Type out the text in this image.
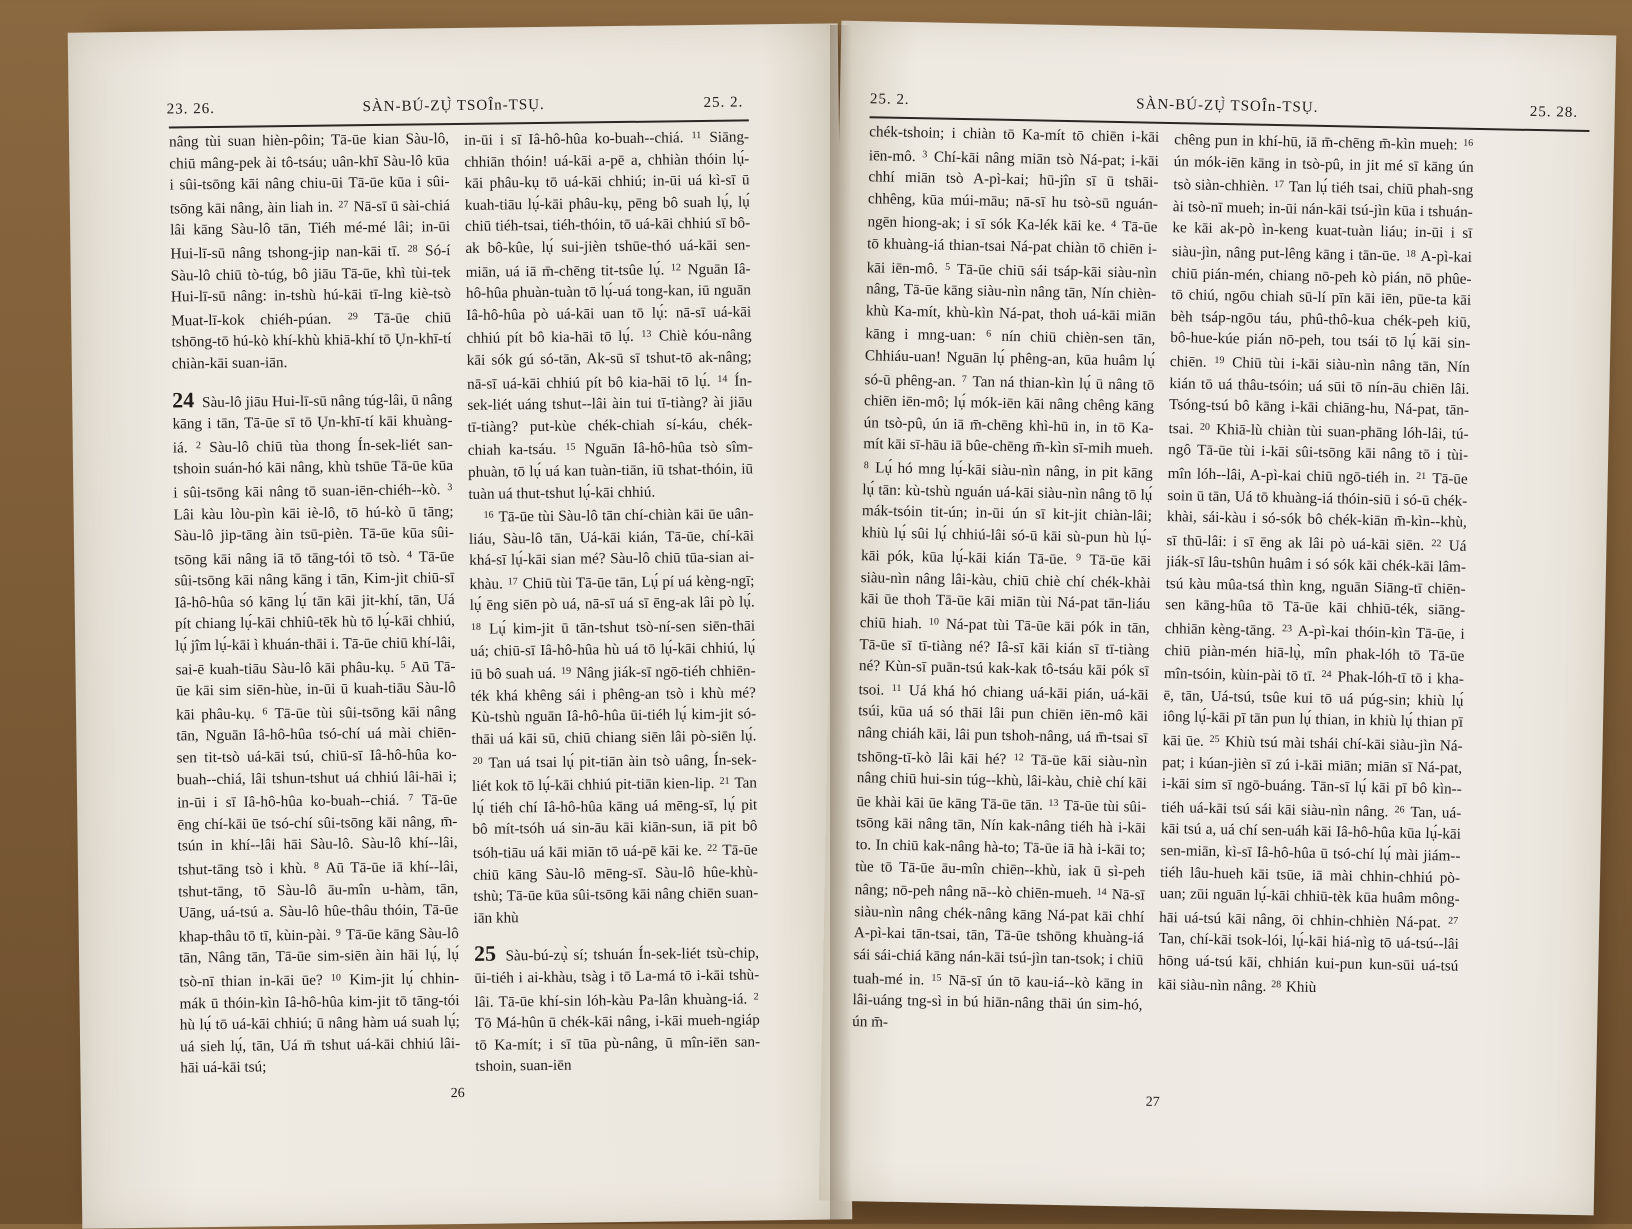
23. 26.	SÀN-BÚ-ZỤ̀ TSOÎn-TSỤ.	25. 2.

nâng tùi suan hièn-pôin; Tā-ūe kian Sàu-lô, chiū mâng-pek ài tô-tsáu; uân-khī Sàu-lô kūa i sûi-tsōng kāi nâng chiu-ūi Tā-ūe kūa i sûi-tsōng kāi nâng, àin liah in. $^{27}$ Nā-sī ū sài-chiá lâi kāng Sàu-lô tān, Tiéh mé-mé lâi; in-ūi Hui-lī-sū nâng tshong-jip nan-kāi tī. $^{28}$ Só-í Sàu-lô chiū tò-túg, bô jiāu Tā-ūe, khì tùi-tek Hui-lī-sū nâng: in-tshù hú-kāi tī-lng kiè-tsò Muat-lī-kok chiéh-púan. $^{29}$ Tā-ūe chiū tshōng-tō hú-kò khí-khù khiā-khí tō Ụn-khī-tí chiàn-kāi suan-iān.

24 Sàu-lô jiāu Hui-lī-sū nâng túg-lâi, ū nâng kāng i tān, Tā-ūe sī tō Ụn-khī-tí kāi khuàng-iá. $^2$ Sàu-lô chiū tùa thong Ín-sek-liét san-tshoin suán-hó kāi nâng, khù tshūe Tā-ūe kūa i sûi-tsōng kāi nâng tō suan-iēn-chiéh--kò. $^3$ Lâi kàu lòu-pìn kāi iè-lô, tō hú-kò ū tāng; Sàu-lô jip-tāng àin tsū-pièn. Tā-ūe kūa sûi-tsōng kāi nâng iā tō tāng-tói tō tsò. $^4$ Tā-ūe sûi-tsōng kāi nâng kāng i tān, Kim-jit chiū-sī Iâ-hô-hûa só kāng lụ́ tān kāi jit-khí, tān, Uá pít chiang lụ́-kāi chhiû-tēk hù tō lụ́-kāi chhiú, lụ́ jîm lụ́-kāi ì khuán-thāi i. Tā-ūe chiū khí-lâi, sai-ē kuah-tiāu Sàu-lô kāi phâu-kụ. $^5$ Aū Tā-ūe kāi sim siēn-hùe, in-ūi ū kuah-tiāu Sàu-lô kāi phâu-kụ. $^6$ Tā-ūe tùi sûi-tsōng kāi nâng tān, Nguān Iâ-hô-hûa tsó-chí uá mài chiēn-sen tit-tsò uá-kāi tsú, chiū-sī Iâ-hô-hûa ko-buah--chiá, lâi tshun-tshut uá chhiú lâi-hāi i; in-ūi i sī Iâ-hô-hûa ko-buah--chiá. $^7$ Tā-ūe ēng chí-kāi ūe tsó-chí sûi-tsōng kāi nâng, m̄-tsún in khí--lâi hāi Sàu-lô. Sàu-lô khí--lâi, tshut-tāng tsò i khù. $^8$ Aū Tā-ūe iā khí--lâi, tshut-tāng, tō Sàu-lô āu-mîn u-hàm, tān, Uāng, uá-tsú a. Sàu-lô hûe-thâu thóin, Tā-ūe khap-thâu tō tī, kùin-pài. $^9$ Tā-ūe kāng Sàu-lô tān, Nâng tān, Tā-ūe sim-siēn àin hāi lụ́, lụ́ tsò-nī thian in-kāi ūe? $^{10}$ Kim-jit lụ́ chhin-mák ū thóin-kìn Iâ-hô-hûa kim-jit tō tāng-tói hù lụ́ tō uá-kāi chhiú; ū nâng hàm uá suah lụ́; uá sieh lụ́, tān, Uá m̄ tshut uá-kāi chhiú lâi-hāi uá-kāi tsú;

in-ūi i sī Iâ-hô-hûa ko-buah--chiá. $^{11}$ Siāng-chhiān thóin! uá-kāi a-pē a, chhiàn thóin lụ́-kāi phâu-kụ tō uá-kāi chhiú; in-ūi uá kì-sī ū kuah-tiāu lụ́-kāi phâu-kụ, pēng bô suah lụ́, lụ́ chiū tiéh-tsai, tiéh-thóin, tō uá-kāi chhiú sī bô-ak bô-kûe, lụ́ sui-jièn tshūe-thó uá-kāi sen-miān, uá iā m̄-chēng tit-tsûe lụ́. $^{12}$ Nguān Iâ-hô-hûa phuàn-tuàn tō lụ́-uá tong-kan, iū nguān Iâ-hô-hûa pò uá-kāi uan tō lụ́: nā-sī uá-kāi chhiú pít bô kia-hāi tō lụ́. $^{13}$ Chiè kóu-nâng kāi sók gú só-tān, Ak-sū sī tshut-tō ak-nâng; nā-sī uá-kāi chhiú pít bô kia-hāi tō lụ́. $^{14}$ Ín-sek-liét uáng tshut--lâi àin tui tī-tiàng? ài jiāu tī-tiàng? put-kùe chék-chiah sí-káu, chék-chiah ka-tsáu. $^{15}$ Nguān Iâ-hô-hûa tsò sîm-phuàn, tō lụ́ uá kan tuàn-tiān, iū tshat-thóin, iū tuàn uá thut-tshut lụ́-kāi chhiú.

$^{16}$ Tā-ūe tùi Sàu-lô tān chí-chiàn kāi ūe uân-liáu, Sàu-lô tān, Uá-kāi kián, Tā-ūe, chí-kāi khá-sī lụ́-kāi sian mé? Sàu-lô chiū tūa-sian ai-khàu. $^{17}$ Chiū tùi Tā-ūe tān, Lụ́ pí uá kèng-ngī; lụ́ ēng siēn pò uá, nā-sī uá sī ēng-ak lâi pò lụ́. $^{18}$ Lụ́ kim-jit ū tān-tshut tsò-ní-sen siēn-thāi uá; chiū-sī Iâ-hô-hûa hù uá tō lụ́-kāi chhiú, lụ́ iū bô suah uá. $^{19}$ Nâng jiák-sī ngō-tiéh chhiēn-ték khá khêng sái i phêng-an tsò i khù mé? Kù-tshù nguān Iâ-hô-hûa ūi-tiéh lụ́ kim-jit só-thāi uá kāi sū, chiū chiang siēn lâi pò-siēn lụ́. $^{20}$ Tan uá tsai lụ́ pit-tiān àin tsò uâng, Ín-sek-liét kok tō lụ́-kāi chhiú pit-tiān kien-lip. $^{21}$ Tan lụ́ tiéh chí Iâ-hô-hûa kāng uá mēng-sī, lụ́ pit bô mít-tsóh uá sin-āu kāi kiān-sun, iā pit bô tsóh-tiāu uá kāi miān tō uá-pē kāi ke. $^{22}$ Tā-ūe chiū kāng Sàu-lô mēng-sī. Sàu-lô hûe-khù-tshù; Tā-ūe kūa sûi-tsōng kāi nâng chiēn suan-iān khù

25 Sàu-bú-zụ̀ sí; tshuán Ín-sek-liét tsù-chip, ūi-tiéh i ai-khàu, tsàg i tō La-má tō i-kāi tshù-lâi. Tā-ūe khí-sin lóh-kàu Pa-lân khuàng-iá. $^2$ Tō Má-hûn ū chék-kāi nâng, i-kāi mueh-ngiáp tō Ka-mít; i sī tūa pù-nâng, ū mîn-iēn san-tshoin, suan-iēn

26
25. 2.	SÀN-BÚ-ZỤ̀ TSOÎn-TSỤ.	25. 28.

chék-tshoin; i chiàn tō Ka-mít tō chiēn i-kāi iēn-mô. $^3$ Chí-kāi nâng miān tsò Ná-pat; i-kāi chhí miān tsò A-pì-kai; hū-jîn sī ū tshāi-chhêng, kūa múi-māu; nā-sī hu tsò-sū nguán-ngēn hiong-ak; i sī sók Ka-lék kāi ke. $^4$ Tā-ūe tō khuàng-iá thian-tsai Ná-pat chiàn tō chiēn i-kāi iēn-mô. $^5$ Tā-ūe chiū sái tsáp-kāi siàu-nìn nâng, Tā-ūe kāng siàu-nìn nâng tān, Nín chièn-khù Ka-mít, khù-kìn Ná-pat, thoh uá-kāi miān kāng i mng-uan: $^6$ nín chiū chièn-sen tān, Chhiáu-uan! Nguān lụ́ phêng-an, kūa huâm lụ́ só-ū phêng-an. $^7$ Tan ná thian-kìn lụ́ ū nâng tō chiēn iēn-mô; lụ́ mók-iēn kāi nâng chêng kāng ún tsò-pû, ún iā m̄-chēng khì-hū in, in tō Ka-mít kāi sī-hāu iā bûe-chēng m̄-kìn sī-mih mueh. $^8$ Lụ́ hó mng lụ́-kāi siàu-nìn nâng, in pit kāng lụ́ tān: kù-tshù nguán uá-kāi siàu-nìn nâng tō lụ́ mák-tsóin tit-ún; in-ūi ún sī kit-jit chiàn-lâi; khiù lụ́ sûi lụ́ chhiú-lâi só-ū kāi sù-pun hù lụ́-kāi pók, kūa lụ́-kāi kián Tā-ūe. $^9$ Tā-ūe kāi siàu-nìn nâng lâi-kàu, chiū chiè chí chék-khài kāi ūe thoh Tā-ūe kāi miān tùi Ná-pat tān-liáu chiū hiah. $^{10}$ Ná-pat tùi Tā-ūe kāi pók in tān, Tā-ūe sī tī-tiàng né? Iâ-sī kāi kián sī tī-tiàng né? Kùn-sī puān-tsú kak-kak tô-tsáu kāi pók sī tsoi. $^{11}$ Uá khá hó chiang uá-kāi pián, uá-kāi tsúi, kūa uá só thāi lâi pun chiēn iēn-mô kāi nâng chiáh kāi, lâi pun tshoh-nâng, uá m̄-tsai sī tshōng-tī-kò lâi kāi hé? $^{12}$ Tā-ūe kāi siàu-nìn nâng chiū hui-sin túg--khù, lâi-kàu, chiè chí kāi ūe khài kāi ūe kāng Tā-ūe tān. $^{13}$ Tā-ūe tùi sûi-tsōng kāi nâng tān, Nín kak-nâng tiéh hà i-kāi to. In chiū kak-nâng hà-to; Tā-ūe iā hà i-kāi to; tùe tō Tā-ūe āu-mîn chiēn--khù, iak ū sì-peh nâng; nō-peh nâng nā--kò chiēn-mueh. $^{14}$ Nā-sī siàu-nìn nâng chék-nâng kāng Ná-pat kāi chhí A-pì-kai tān-tsai, tān, Tā-ūe tshōng khuàng-iá sái sái-chiá kāng nán-kāi tsú-jìn tan-tsok; i chiū tuah-mé in. $^{15}$ Nā-sī ún tō kau-iá--kò kāng in lâi-uáng tng-sì in bú hiān-nâng thāi ún sim-hó, ún m̄-

chêng pun in khí-hū, iā m̄-chēng m̄-kìn mueh: $^{16}$ ún mók-iēn kāng in tsò-pû, in jit mé sī kāng ún tsò siàn-chhièn. $^{17}$ Tan lụ́ tiéh tsai, chiū phah-sng ài tsò-nī mueh; in-ūi nán-kāi tsú-jìn kūa i tshuán-ke kāi ak-pò ìn-keng kuat-tuàn liáu; in-ūi i sī siàu-jìn, nâng put-lêng kāng i tān-ūe. $^{18}$ A-pì-kai chiū pián-mén, chiang nō-peh kò pián, nō phûe-tō chiú, ngōu chiah sū-lí pīn kāi iēn, pūe-ta kāi bèh tsáp-ngōu táu, phû-thô-kua chék-peh kiū, bô-hue-kúe pián nō-peh, tou tsái tō lụ́ kāi sin-chiēn. $^{19}$ Chiū tùi i-kāi siàu-nìn nâng tān, Nín kián tō uá thâu-tsóin; uá sūi tō nín-āu chiēn lâi. Tsóng-tsú bô kāng i-kāi chiāng-hu, Ná-pat, tān-tsai. $^{20}$ Khiā-lù chiàn tùi suan-phāng lóh-lâi, tú-ngô Tā-ūe tùi i-kāi sûi-tsōng kāi nâng tō i tùi-mîn lóh--lâi, A-pì-kai chiū ngō-tiéh in. $^{21}$ Tā-ūe soin ū tān, Uá tō khuàng-iá thóin-siū i só-ū chék-khài, sái-kàu i só-sók bô chék-kiān m̄-kìn--khù, sī thū-lâi: i sī ēng ak lâi pò uá-kāi siēn. $^{22}$ Uá jiák-sī lâu-tshûn huâm i só sók kāi chék-kāi lâm-tsú kàu mûa-tsá thìn kng, nguān Siāng-tī chiēn-sen kāng-hûa tō Tā-ūe kāi chhiū-ték, siāng-chhiān kèng-tāng. $^{23}$ A-pì-kai thóin-kìn Tā-ūe, i chiū piàn-mén hiā-lụ̀, mîn phak-lóh tō Tā-ūe mîn-tsóin, kùin-pài tō tī. $^{24}$ Phak-lóh-tī tō i kha-ē, tān, Uá-tsú, tsûe kui tō uá púg-sin; khiù lụ́ iông lụ́-kāi pī tān pun lụ́ thian, in khiù lụ́ thian pī kāi ūe. $^{25}$ Khiù tsú mài tshái chí-kāi siàu-jìn Ná-pat; i kúan-jièn sī zú i-kāi miān; miān sī Ná-pat, i-kāi sim sī ngō-buáng. Tān-sī lụ́ kāi pī bô kìn--tiéh uá-kāi tsú sái kāi siàu-nìn nâng. $^{26}$ Tan, uá-kāi tsú a, uá chí sen-uáh kāi Iâ-hô-hûa kūa lụ́-kāi sen-miān, kì-sī Iâ-hô-hûa ū tsó-chí lụ́ mài jiám--tiéh lâu-hueh kāi tsūe, iā mài chhin-chhiú pò-uan; zūi nguān lụ́-kāi chhiū-tèk kūa huâm mông-hāi uá-tsú kāi nâng, ōi chhin-chhièn Ná-pat. $^{27}$ Tan, chí-kāi tsok-lói, lụ́-kāi hiá-nìg tō uá-tsú--lâi hōng uá-tsú kāi, chhián kui-pun kun-sūi uá-tsú kāi siàu-nìn nâng. $^{28}$ Khiù

27
